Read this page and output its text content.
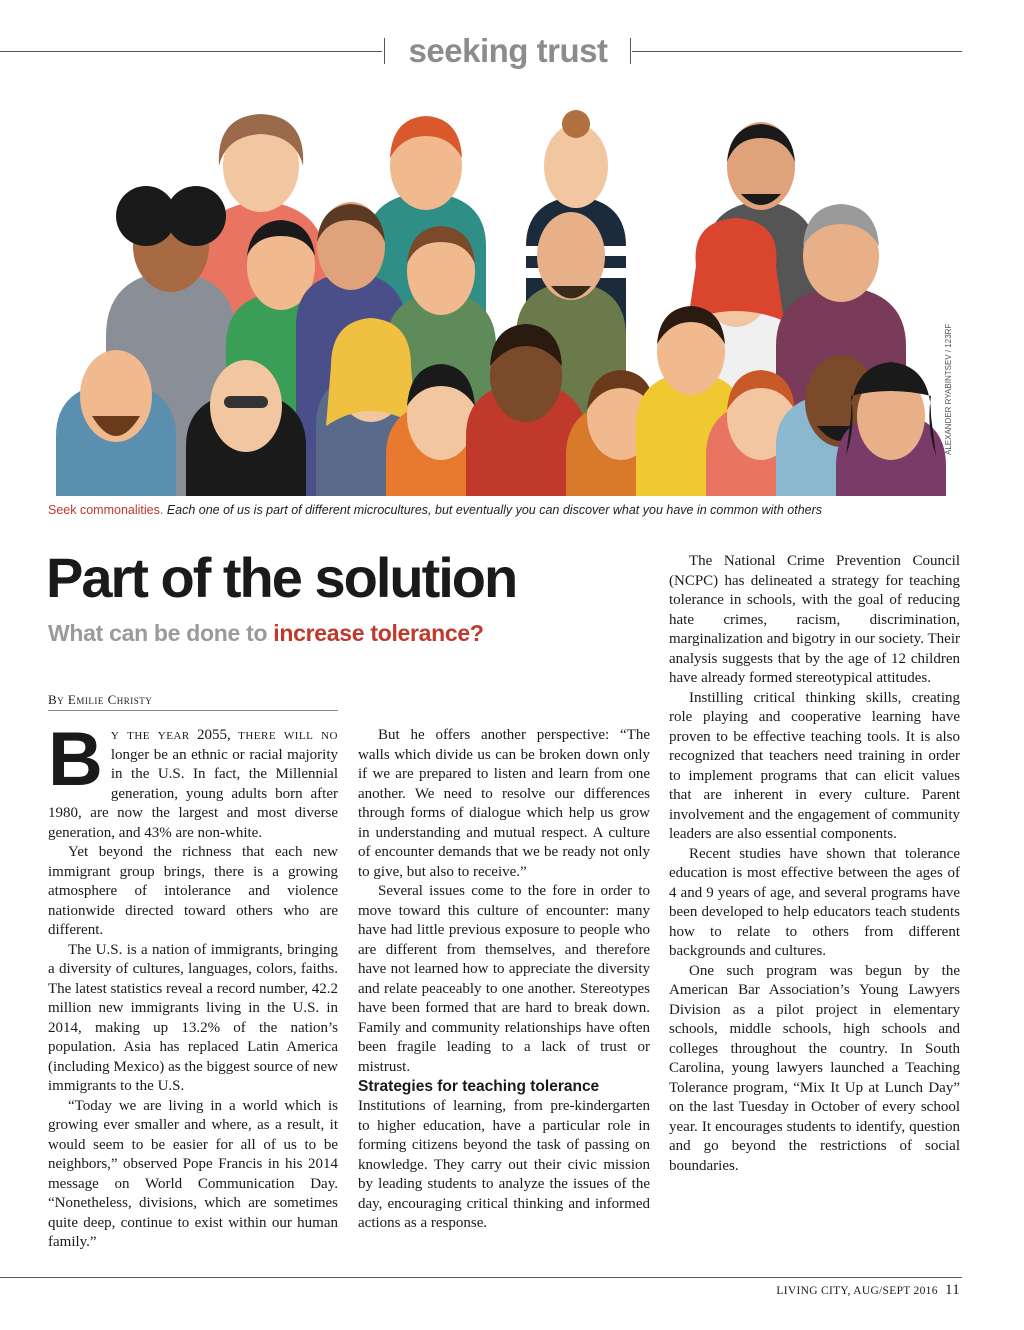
seeking trust
ALEXANDER RYABINTSEV / 123RF
Seek commonalities. Each one of us is part of different microcultures, but eventually you can discover what you have in common with others
Part of the solution
What can be done to increase tolerance?
By Emilie Christy

B y the year 2055, there will no longer be an ethnic or racial majority in the U.S. In fact, the Millennial generation, young adults born after 1980, are now the largest and most diverse generation, and 43% are non-white.

Yet beyond the richness that each new immigrant group brings, there is a growing atmosphere of intolerance and violence nationwide directed toward others who are different.

The U.S. is a nation of immigrants, bringing a diversity of cultures, languages, colors, faiths. The latest statistics reveal a record number, 42.2 million new immigrants living in the U.S. in 2014, making up 13.2% of the nation’s population. Asia has replaced Latin America (including Mexico) as the biggest source of new immigrants to the U.S.

“Today we are living in a world which is growing ever smaller and where, as a result, it would seem to be easier for all of us to be neighbors,” observed Pope Francis in his 2014 message on World Communication Day. “Nonetheless, divisions, which are sometimes quite deep, continue to exist within our human family.”

But he offers another perspective: “The walls which divide us can be broken down only if we are prepared to listen and learn from one another. We need to resolve our differences through forms of dialogue which help us grow in understanding and mutual respect. A culture of encounter demands that we be ready not only to give, but also to receive.”

Several issues come to the fore in order to move toward this culture of encounter: many have had little previous exposure to people who are different from themselves, and therefore have not learned how to appreciate the diversity and relate peaceably to one another. Stereotypes have been formed that are hard to break down. Family and community relationships have often been fragile leading to a lack of trust or mistrust.

Strategies for teaching tolerance

Institutions of learning, from pre-kindergarten to higher education, have a particular role in forming citizens beyond the task of passing on knowledge. They carry out their civic mission by leading students to analyze the issues of the day, encouraging critical thinking and informed actions as a response.

The National Crime Prevention Council (NCPC) has delineated a strategy for teaching tolerance in schools, with the goal of reducing hate crimes, racism, discrimination, marginalization and bigotry in our society. Their analysis suggests that by the age of 12 children have already formed stereotypical attitudes.

Instilling critical thinking skills, creating role playing and cooperative learning have proven to be effective teaching tools. It is also recognized that teachers need training in order to implement programs that can elicit values that are inherent in every culture. Parent involvement and the engagement of community leaders are also essential components.

Recent studies have shown that tolerance education is most effective between the ages of 4 and 9 years of age, and several programs have been developed to help educators teach students how to relate to others from different backgrounds and cultures.

One such program was begun by the American Bar Association’s Young Lawyers Division as a pilot project in elementary schools, middle schools, high schools and colleges throughout the country. In South Carolina, young lawyers launched a Teaching Tolerance program, “Mix It Up at Lunch Day” on the last Tuesday in October of every school year. It encourages students to identify, question and go beyond the restrictions of social boundaries.

LIVING CITY, AUG/SEPT 2016 11
